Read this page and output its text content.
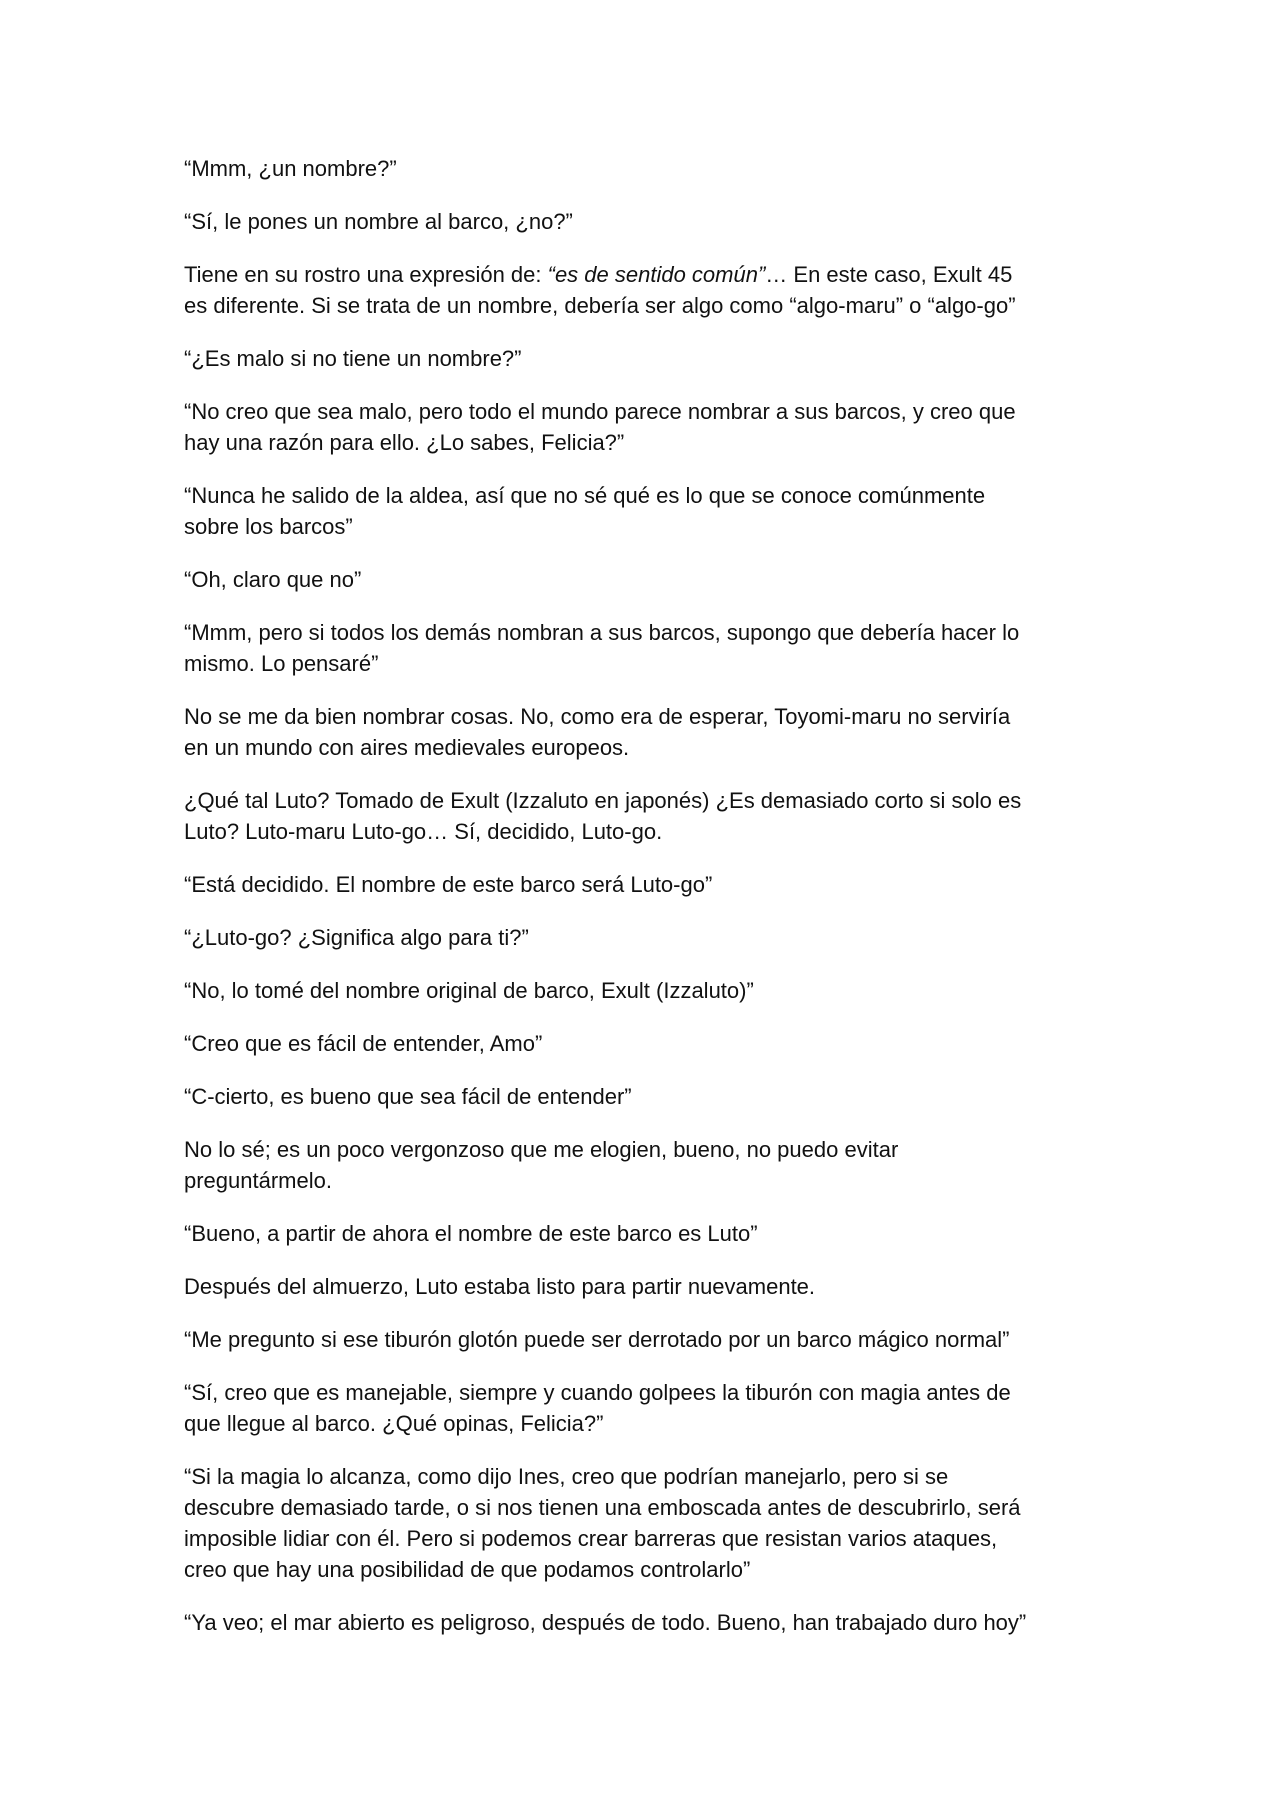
“Mmm, ¿un nombre?”
“Sí, le pones un nombre al barco, ¿no?”
Tiene en su rostro una expresión de: “es de sentido común”… En este caso, Exult 45
es diferente. Si se trata de un nombre, debería ser algo como “algo-maru” o “algo-go”
“¿Es malo si no tiene un nombre?”
“No creo que sea malo, pero todo el mundo parece nombrar a sus barcos, y creo que
hay una razón para ello. ¿Lo sabes, Felicia?”
“Nunca he salido de la aldea, así que no sé qué es lo que se conoce comúnmente
sobre los barcos”
“Oh, claro que no”
“Mmm, pero si todos los demás nombran a sus barcos, supongo que debería hacer lo
mismo. Lo pensaré”
No se me da bien nombrar cosas. No, como era de esperar, Toyomi-maru no serviría
en un mundo con aires medievales europeos.
¿Qué tal Luto? Tomado de Exult (Izzaluto en japonés) ¿Es demasiado corto si solo es
Luto? Luto-maru Luto-go… Sí, decidido, Luto-go.
“Está decidido. El nombre de este barco será Luto-go”
“¿Luto-go? ¿Significa algo para ti?”
“No, lo tomé del nombre original de barco, Exult (Izzaluto)”
“Creo que es fácil de entender, Amo”
“C-cierto, es bueno que sea fácil de entender”
No lo sé; es un poco vergonzoso que me elogien, bueno, no puedo evitar
preguntármelo.
“Bueno, a partir de ahora el nombre de este barco es Luto”
Después del almuerzo, Luto estaba listo para partir nuevamente.
“Me pregunto si ese tiburón glotón puede ser derrotado por un barco mágico normal”
“Sí, creo que es manejable, siempre y cuando golpees la tiburón con magia antes de
que llegue al barco. ¿Qué opinas, Felicia?”
“Si la magia lo alcanza, como dijo Ines, creo que podrían manejarlo, pero si se
descubre demasiado tarde, o si nos tienen una emboscada antes de descubrirlo, será
imposible lidiar con él. Pero si podemos crear barreras que resistan varios ataques,
creo que hay una posibilidad de que podamos controlarlo”
“Ya veo; el mar abierto es peligroso, después de todo. Bueno, han trabajado duro hoy”
